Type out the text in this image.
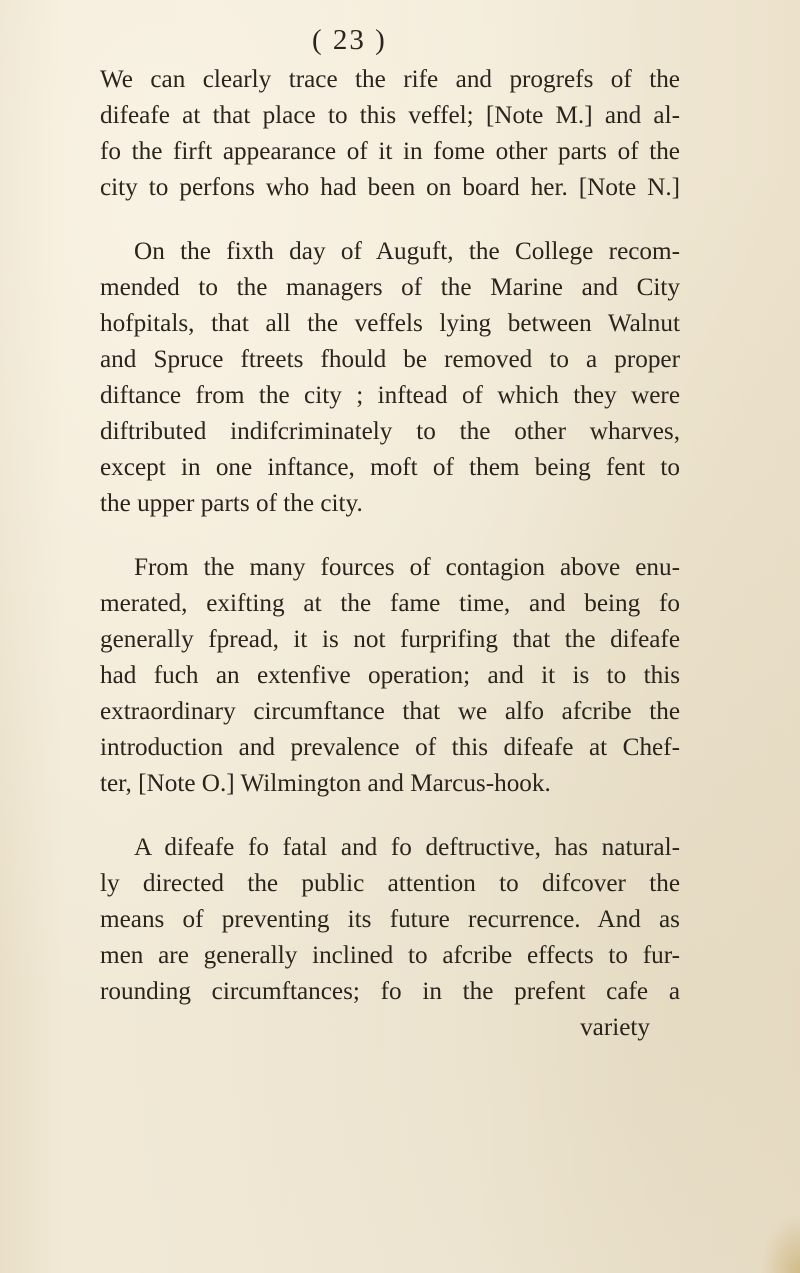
( 23 )

We can clearly trace the rife and progrefs of the
difeafe at that place to this veffel; [Note M.] and al-
fo the firft appearance of it in fome other parts of the
city to perfons who had been on board her. [Note N.]

On the fixth day of Auguft, the College recom-
mended to the managers of the Marine and City
hofpitals, that all the veffels lying between Walnut
and Spruce ftreets fhould be removed to a proper
diftance from the city ; inftead of which they were
diftributed indifcriminately to the other wharves,
except in one inftance, moft of them being fent to
the upper parts of the city.

From the many fources of contagion above enu-
merated, exifting at the fame time, and being fo
generally fpread, it is not furprifing that the difeafe
had fuch an extenfive operation; and it is to this
extraordinary circumftance that we alfo afcribe the
introduction and prevalence of this difeafe at Chef-
ter, [Note O.] Wilmington and Marcus-hook.

A difeafe fo fatal and fo deftructive, has natural-
ly directed the public attention to difcover the
means of preventing its future recurrence. And as
men are generally inclined to afcribe effects to fur-
rounding circumftances; fo in the prefent cafe a

variety
